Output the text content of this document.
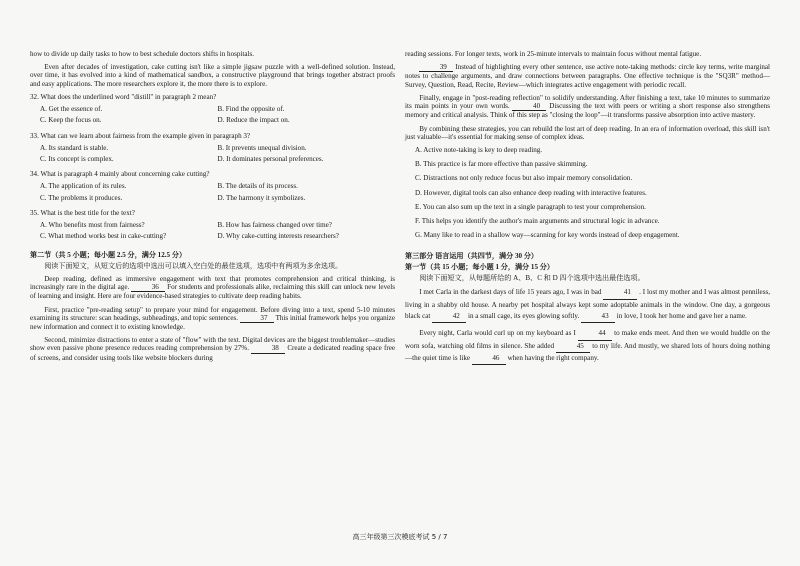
how to divide up daily tasks to how to best schedule doctors shifts in hospitals.

Even after decades of investigation, cake cutting isn't like a simple jigsaw puzzle with a well-defined solution. Instead, over time, it has evolved into a kind of mathematical sandbox, a constructive playground that brings together abstract proofs and easy applications. The more researchers explore it, the more there is to explore.

32. What does the underlined word "distill" in paragraph 2 mean?
A. Get the essence of.	B. Find the opposite of.
C. Keep the focus on.	D. Reduce the impact on.
33. What can we learn about fairness from the example given in paragraph 3?
A. Its standard is stable.	B. It prevents unequal division.
C. Its concept is complex.	D. It dominates personal preferences.
34. What is paragraph 4 mainly about concerning cake cutting?
A. The application of its rules.	B. The details of its process.
C. The problems it produces.	D. The harmony it symbolizes.
35. What is the best title for the text?
A. Who benefits most from fairness?	B. How has fairness changed over time?
C. What method works best in cake-cutting?	D. Why cake-cutting interests researchers?
第二节（共 5 小题；每小题 2.5 分，满分 12.5 分）

阅读下面短文，从短文后的选项中选出可以填入空白处的最佳选项，选项中有两项为多余选项。

Deep reading, defined as immersive engagement with text that promotes comprehension and critical thinking, is increasingly rare in the digital age.	36 For students and professionals alike, reclaiming this skill can unlock new levels of learning and insight. Here are four evidence-based strategies to cultivate deep reading habits.

First, practice "pre-reading setup" to prepare your mind for engagement. Before diving into a text, spend 5-10 minutes examining its structure: scan headings, subheadings, and topic sentences.	37 This initial framework helps you organize new information and connect it to existing knowledge.

Second, minimize distractions to enter a state of "flow" with the text. Digital devices are the biggest troublemaker—studies show even passive phone presence reduces reading comprehension by 27%.	38 Create a dedicated reading space free of screens, and consider using tools like website blockers during

reading sessions. For longer texts, work in 25-minute intervals to maintain focus without mental fatigue.

39 Instead of highlighting every other sentence, use active note-taking methods: circle key terms, write marginal notes to challenge arguments, and draw connections between paragraphs. One effective technique is the "SQ3R" method—Survey, Question, Read, Recite, Review—which integrates active engagement with periodic recall.

Finally, engage in "post-reading reflection" to solidify understanding. After finishing a text, take 10 minutes to summarize its main points in your own words.	40 Discussing the text with peers or writing a short response also strengthens memory and critical analysis. Think of this step as "closing the loop"—it transforms passive absorption into active mastery.

By combining these strategies, you can rebuild the lost art of deep reading. In an era of information overload, this skill isn't just valuable—it's essential for making sense of complex ideas.

A. Active note-taking is key to deep reading.
B. This practice is far more effective than passive skimming.
C. Distractions not only reduce focus but also impair memory consolidation.
D. However, digital tools can also enhance deep reading with interactive features.
E. You can also sum up the text in a single paragraph to test your comprehension.
F. This helps you identify the author's main arguments and structural logic in advance.
G. Many like to read in a shallow way—scanning for key words instead of deep engagement.
第三部分 语言运用（共四节，满分 30 分）
第一节（共 15 小题；每小题 1 分，满分 15 分）

阅读下面短文，从每题所给的 A、B、C 和 D 四个选项中选出最佳选项。

I met Carla in the darkest days of life 15 years ago, I was in bad	41 . I lost my mother and I was almost penniless, living in a shabby old house. A nearby pet hospital always kept some adoptable animals in the window. One day, a gorgeous black cat	42 in a small cage, its eyes glowing softly.	43 in love, I took her home and gave her a name.

Every night, Carla would curl up on my keyboard as I	44 to make ends meet. And then we would huddle on the worn sofa, watching old films in silence. She added	45 to my life. And mostly, we shared lots of hours doing nothing—the quiet time is like	46 when having the right company.

高三年级第三次模底考试 5 / 7
